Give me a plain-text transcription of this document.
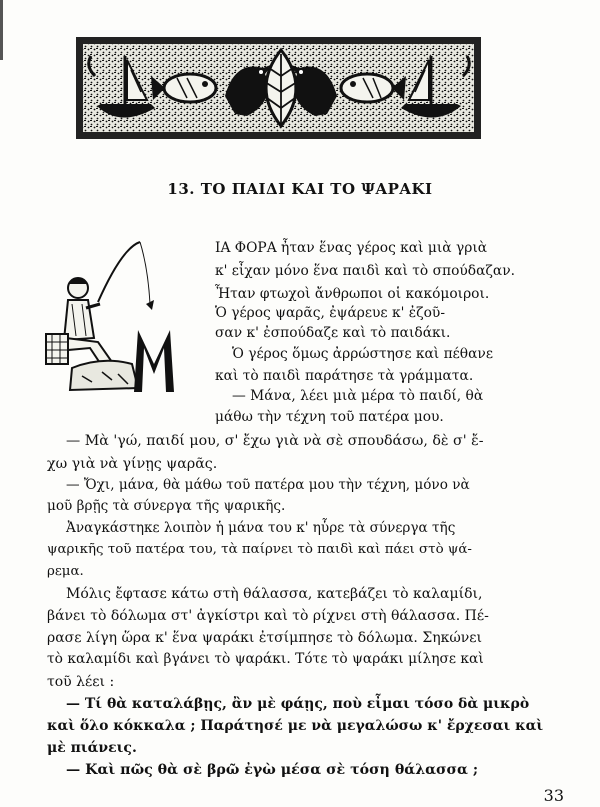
13. ΤΟ ΠΑΙΔΙ ΚΑΙ ΤΟ ΨΑΡΑΚΙ
ΙΑ ΦΟΡΑ ἦταν ἕνας γέρος καὶ μιὰ γριὰ
κ' εἶχαν μόνο ἕνα παιδὶ καὶ τὸ σπούδαζαν.
Ἦταν φτωχοὶ ἄνθρωποι οἱ κακόμοιροι.
Ὁ γέρος ψαρᾶς, ἐψάρευε κ' ἐζοῦ-
σαν κ' ἐσπούδαζε καὶ τὸ παιδάκι.
Ὁ γέρος ὅμως ἀρρώστησε καὶ πέθανε
καὶ τὸ παιδὶ παράτησε τὰ γράμματα.
— Μάνα, λέει μιὰ μέρα τὸ παιδί, θὰ
μάθω τὴν τέχνη τοῦ πατέρα μου.
— Μὰ 'γώ, παιδί μου, σ' ἔχω γιὰ νὰ σὲ σπουδάσω, δὲ σ' ἔ-
χω γιὰ νὰ γίνῃς ψαρᾶς.
— Ὄχι, μάνα, θὰ μάθω τοῦ πατέρα μου τὴν τέχνη, μόνο νὰ
μοῦ βρῇς τὰ σύνεργα τῆς ψαρικῆς.
Ἀναγκάστηκε λοιπὸν ἡ μάνα του κ' ηὗρε τὰ σύνεργα τῆς
ψαρικῆς τοῦ πατέρα του, τὰ παίρνει τὸ παιδὶ καὶ πάει στὸ ψά-
ρεμα.
Μόλις ἔφτασε κάτω στὴ θάλασσα, κατεβάζει τὸ καλαμίδι,
βάνει τὸ δόλωμα στ' ἀγκίστρι καὶ τὸ ρίχνει στὴ θάλασσα. Πέ-
ρασε λίγη ὥρα κ' ἕνα ψαράκι ἐτσίμπησε τὸ δόλωμα. Σηκώνει
τὸ καλαμίδι καὶ βγάνει τὸ ψαράκι. Τότε τὸ ψαράκι μίλησε καὶ
τοῦ λέει :
— Τί θὰ καταλάβῃς, ἂν μὲ φάῃς, ποὺ εἶμαι τόσο δὰ μικρὸ
καὶ ὅλο κόκκαλα ; Παράτησέ με νὰ μεγαλώσω κ' ἔρχεσαι καὶ
μὲ πιάνεις.
— Καὶ πῶς θὰ σὲ βρῶ ἐγὼ μέσα σὲ τόση θάλασσα ;
33
